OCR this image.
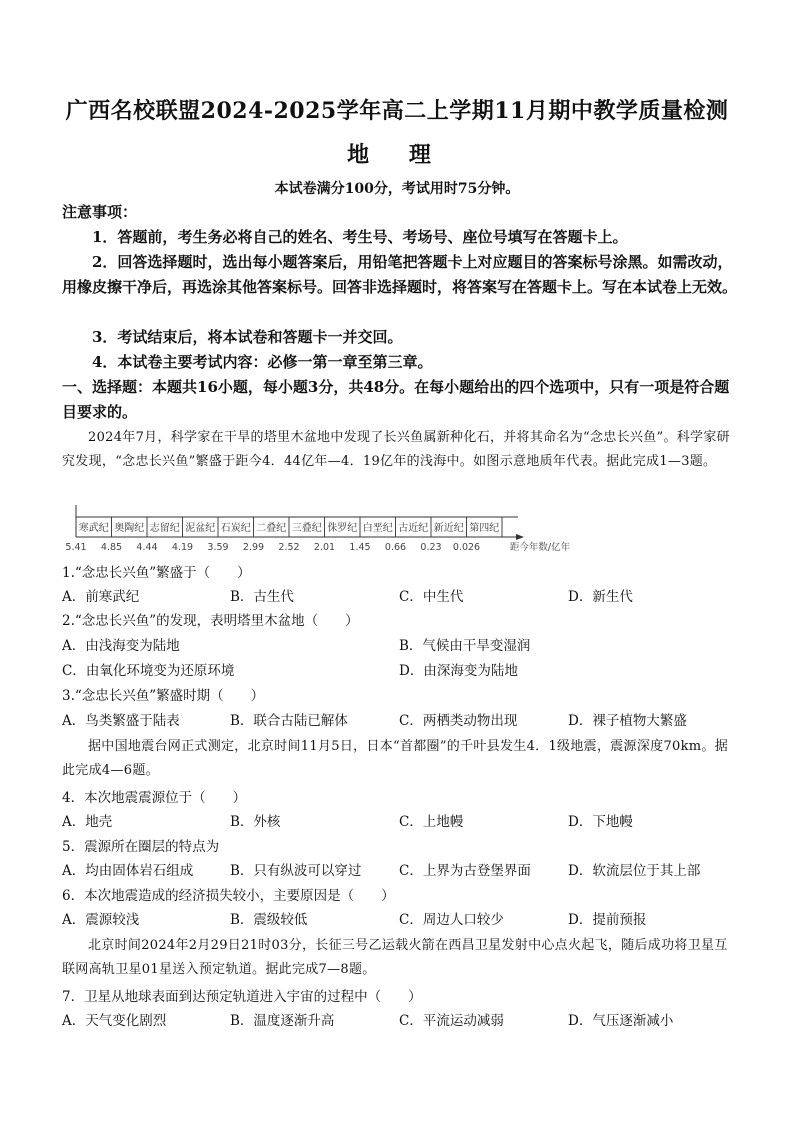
广西名校联盟2024-2025学年高二上学期11月期中教学质量检测
地 理
本试卷满分100分，考试用时75分钟。
注意事项：
1．答题前，考生务必将自己的姓名、考生号、考场号、座位号填写在答题卡上。
2．回答选择题时，选出每小题答案后，用铅笔把答题卡上对应题目的答案标号涂黑。如需改动，用橡皮擦干净后，再选涂其他答案标号。回答非选择题时，将答案写在答题卡上。写在本试卷上无效。
3．考试结束后，将本试卷和答题卡一并交回。
4．本试卷主要考试内容：必修一第一章至第三章。
一、选择题：本题共16小题，每小题3分，共48分。在每小题给出的四个选项中，只有一项是符合题目要求的。
2024年7月，科学家在干旱的塔里木盆地中发现了长兴鱼属新种化石，并将其命名为“念忠长兴鱼”。科学家研究发现，“念忠长兴鱼”繁盛于距今4．44亿年—4．19亿年的浅海中。如图示意地质年代表。据此完成1—3题。
寒武纪 奥陶纪 志留纪 泥盆纪 石炭纪 二叠纪 三叠纪 侏罗纪 白垩纪 古近纪 新近纪 第四纪
5.41 4.85 4.44 4.19 3.59 2.99 2.52 2.01 1.45 0.66 0.23 0.026	距今年数/亿年
1.“念忠长兴鱼”繁盛于（　　）
A．前寒武纪	B．古生代	C．中生代	D．新生代
2.“念忠长兴鱼”的发现，表明塔里木盆地（　　）
A．由浅海变为陆地	B．气候由干旱变湿润
C．由氧化环境变为还原环境	D．由深海变为陆地
3.“念忠长兴鱼”繁盛时期（　　）
A．鸟类繁盛于陆表	B．联合古陆已解体	C．两栖类动物出现	D．裸子植物大繁盛
据中国地震台网正式测定，北京时间11月5日，日本“首都圈”的千叶县发生4．1级地震，震源深度70km。据此完成4—6题。
4．本次地震震源位于（　　）
A．地壳	B．外核	C．上地幔	D．下地幔
5．震源所在圈层的特点为
A．均由固体岩石组成	B．只有纵波可以穿过	C．上界为古登堡界面	D．软流层位于其上部
6．本次地震造成的经济损失较小，主要原因是（　　）
A．震源较浅	B．震级较低	C．周边人口较少	D．提前预报
北京时间2024年2月29日21时03分，长征三号乙运载火箭在西昌卫星发射中心点火起飞，随后成功将卫星互联网高轨卫星01星送入预定轨道。据此完成7—8题。
7．卫星从地球表面到达预定轨道进入宇宙的过程中（　　）
A．天气变化剧烈	B．温度逐渐升高	C．平流运动减弱	D．气压逐渐减小
